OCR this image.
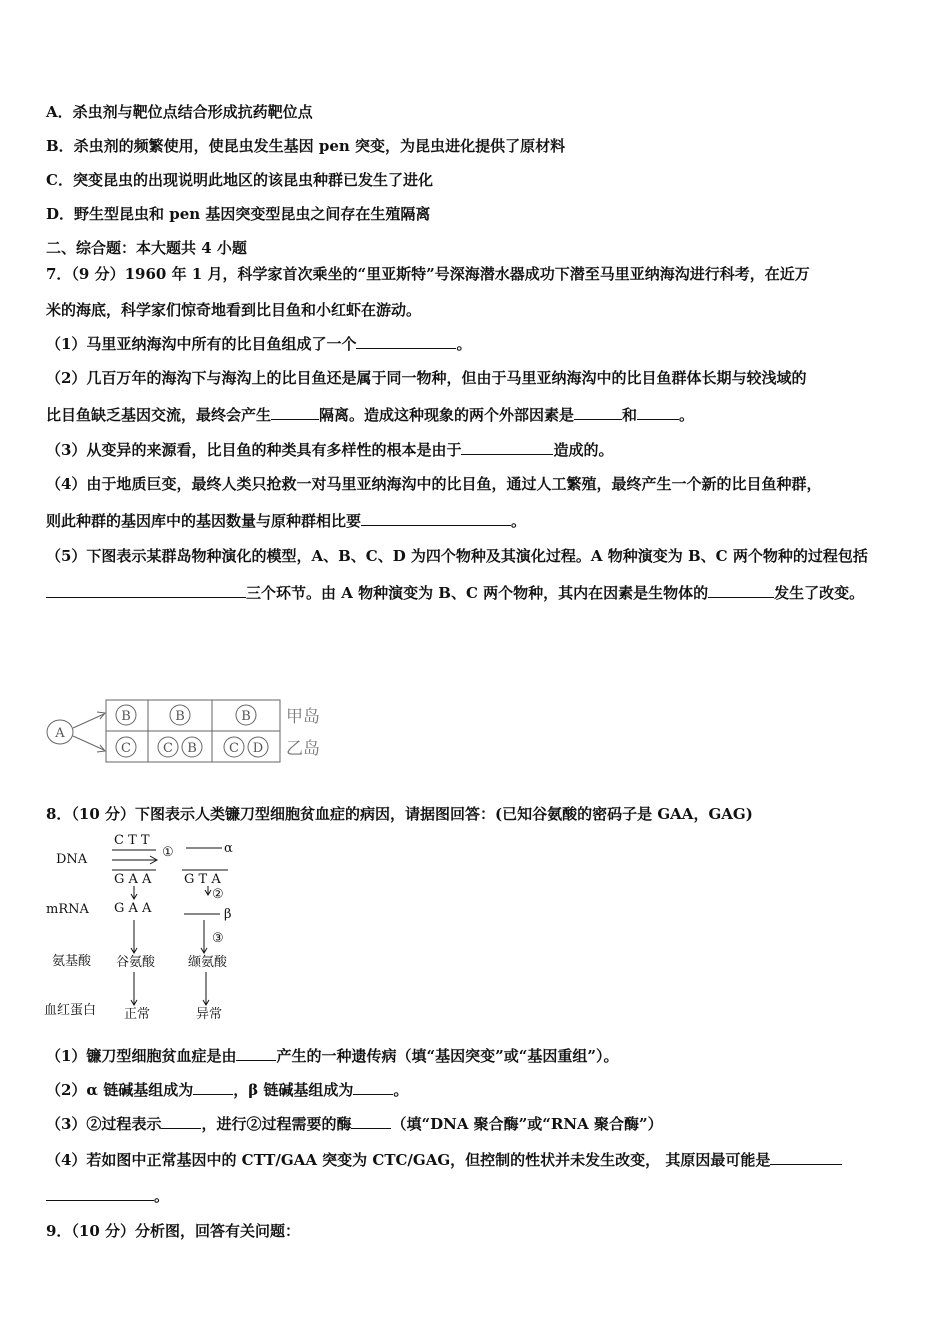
A．杀虫剂与靶位点结合形成抗药靶位点
B．杀虫剂的频繁使用，使昆虫发生基因 pen 突变，为昆虫进化提供了原材料
C．突变昆虫的出现说明此地区的该昆虫种群已发生了进化
D．野生型昆虫和 pen 基因突变型昆虫之间存在生殖隔离
二、综合题：本大题共 4 小题
7．（9 分）1960 年 1 月，科学家首次乘坐的“里亚斯特”号深海潜水器成功下潜至马里亚纳海沟进行科考，在近万
米的海底，科学家们惊奇地看到比目鱼和小红虾在游动。
（1）马里亚纳海沟中所有的比目鱼组成了一个	。
（2）几百万年的海沟下与海沟上的比目鱼还是属于同一物种，但由于马里亚纳海沟中的比目鱼群体长期与较浅域的
比目鱼缺乏基因交流，最终会产生	隔离。造成这种现象的两个外部因素是	和	。
（3）从变异的来源看，比目鱼的种类具有多样性的根本是由于	造成的。
（4）由于地质巨变，最终人类只抢救一对马里亚纳海沟中的比目鱼，通过人工繁殖，最终产生一个新的比目鱼种群，
则此种群的基因库中的基因数量与原种群相比要	。
（5）下图表示某群岛物种演化的模型，A、B、C、D 为四个物种及其演化过程。A 物种演变为 B、C 两个物种的过程包括
三个环节。由 A 物种演变为 B、C 两个物种，其内在因素是生物体的	发生了改变。
A
B	B	B
C C B C D
甲岛
乙岛
8．（10 分）下图表示人类镰刀型细胞贫血症的病因，请据图回答：(已知谷氨酸的密码子是 GAA，GAG)
DNA
mRNA
氨基酸
血红蛋白
C T T
G A A
G A A
G T A
①
②
③
α
β
谷氨酸	缬氨酸
正常	异常
（1）镰刀型细胞贫血症是由	产生的一种遗传病（填“基因突变”或“基因重组”）。
（2）α 链碱基组成为	，β 链碱基组成为	。
（3）②过程表示	，进行②过程需要的酶	（填“DNA 聚合酶”或“RNA 聚合酶”）
（4）若如图中正常基因中的 CTT/GAA 突变为 CTC/GAG，但控制的性状并未发生改变， 其原因最可能是
。
9．（10 分）分析图，回答有关问题：
